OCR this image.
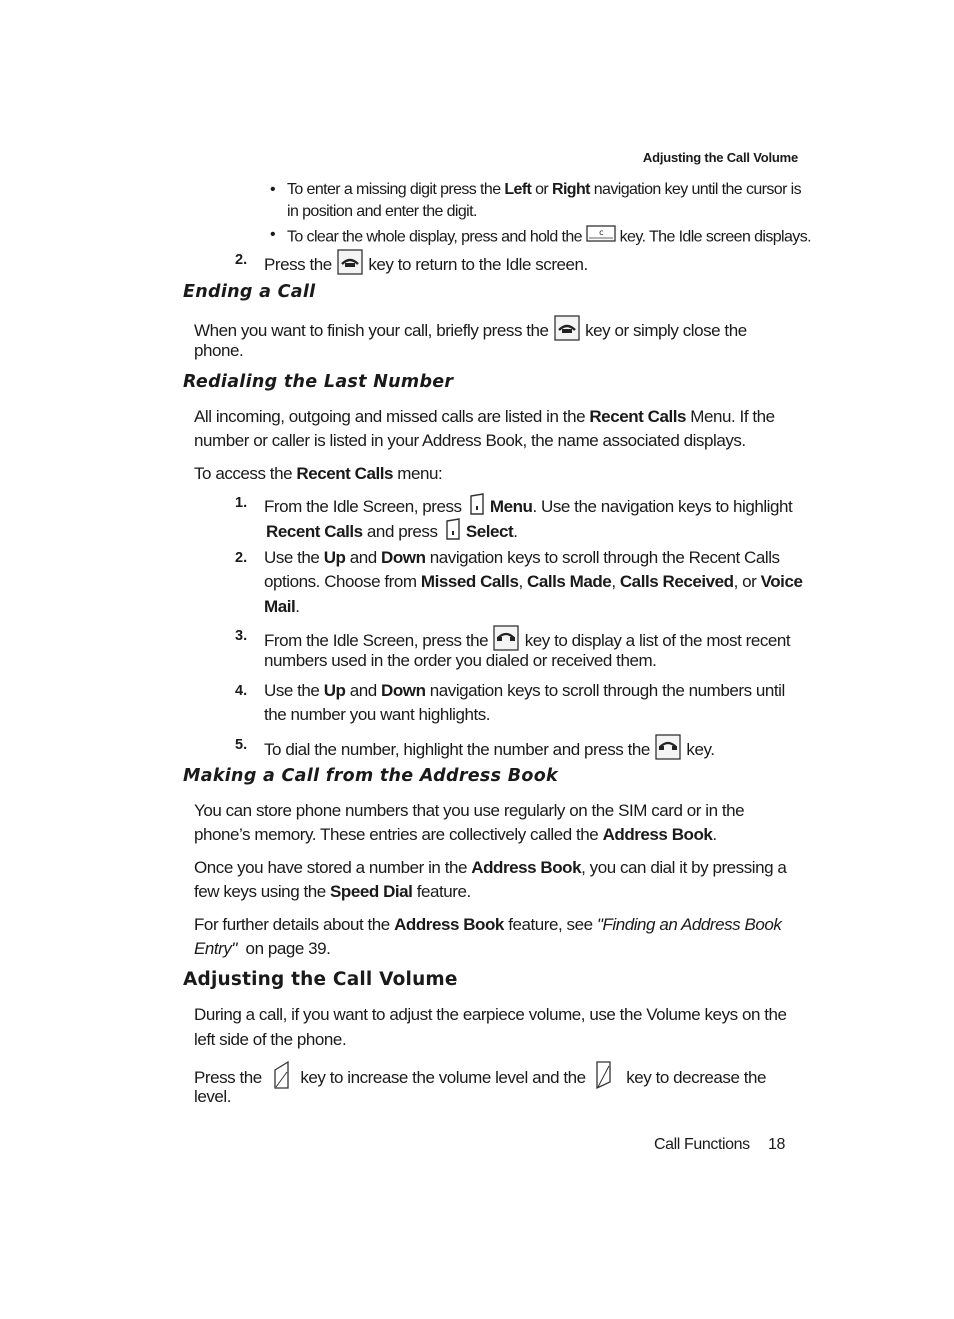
Adjusting the Call Volume
• To enter a missing digit press the Left or Right navigation key until the cursor is
in position and enter the digit.
• To clear the whole display, press and hold the c key. The Idle screen displays.
2. Press the  key to return to the Idle screen.
Ending a Call
When you want to finish your call, briefly press the  key or simply close the
phone.
Redialing the Last Number
All incoming, outgoing and missed calls are listed in the Recent Calls Menu. If the
number or caller is listed in your Address Book, the name associated displays.
To access the Recent Calls menu:
1. From the Idle Screen, press Menu. Use the navigation keys to highlight
Recent Calls and press Select.
2. Use the Up and Down navigation keys to scroll through the Recent Calls
options. Choose from Missed Calls, Calls Made, Calls Received, or Voice
Mail.
3. From the Idle Screen, press the  key to display a list of the most recent
numbers used in the order you dialed or received them.
4. Use the Up and Down navigation keys to scroll through the numbers until
the number you want highlights.
5. To dial the number, highlight the number and press the  key.
Making a Call from the Address Book
You can store phone numbers that you use regularly on the SIM card or in the
phone’s memory. These entries are collectively called the Address Book.
Once you have stored a number in the Address Book, you can dial it by pressing a
few keys using the Speed Dial feature.
For further details about the Address Book feature, see "Finding an Address Book
Entry"  on page 39.
Adjusting the Call Volume
During a call, if you want to adjust the earpiece volume, use the Volume keys on the
left side of the phone.
Press the  key to increase the volume level and the  key to decrease the
level.
Call Functions 18
